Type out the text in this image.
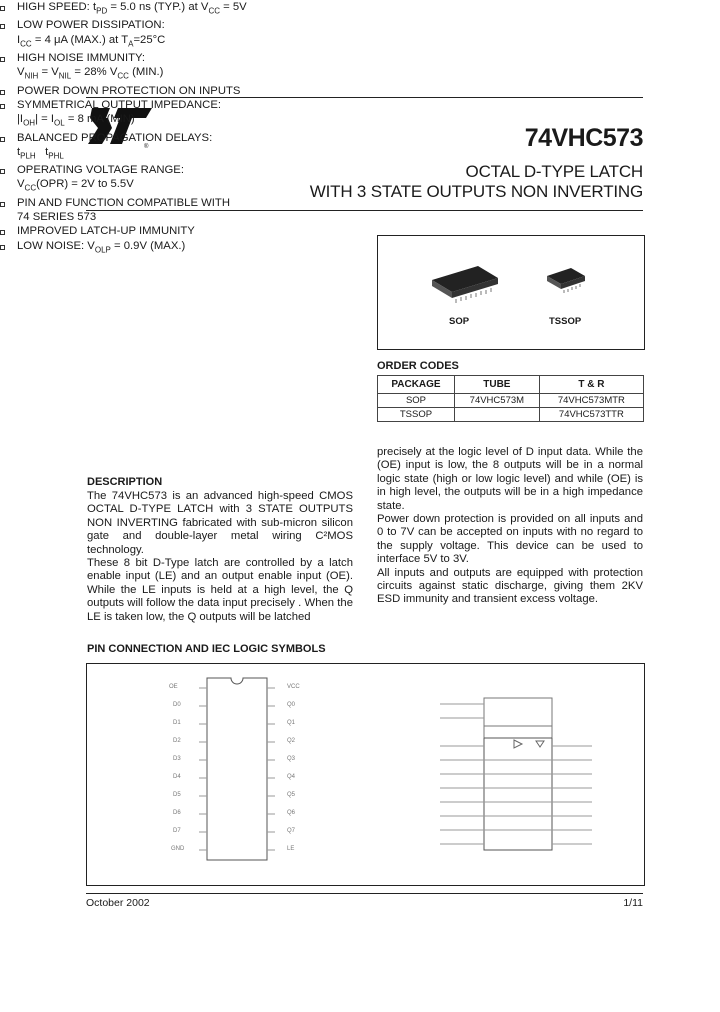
®	74VHC573
OCTAL D-TYPE LATCH
WITH 3 STATE OUTPUTS NON INVERTING
HIGH SPEED: $t_{PD} = 5.0$ ns (TYP.) at $V_{CC} = 5V$
LOW POWER DISSIPATION:
$I_{CC} = 4$ μA (MAX.) at $T_A=25^\circ C$
HIGH NOISE IMMUNITY:
$V_{NIH} = V_{NIL} = 28\%$ $V_{CC}$ (MIN.)
POWER DOWN PROTECTION ON INPUTS
SYMMETRICAL OUTPUT IMPEDANCE:
$|I_{OH}| = I_{OL} = 8$ mA (MIN)
BALANCED PROPAGATION DELAYS:
$t_{PLH}$   $t_{PHL}$
OPERATING VOLTAGE RANGE:
$V_{CC}(OPR) = 2V$ to 5.5V
PIN AND FUNCTION COMPATIBLE WITH
74 SERIES 573
IMPROVED LATCH-UP IMMUNITY
LOW NOISE: $V_{OLP} = 0.9V$ (MAX.)
SOP	TSSOP
ORDER CODES
PACKAGE	TUBE	T & R
SOP	74VHC573M	74VHC573MTR
TSSOP		74VHC573TTR
DESCRIPTION

The 74VHC573 is an advanced high-speed CMOS OCTAL D-TYPE LATCH with 3 STATE OUTPUTS NON INVERTING fabricated with sub-micron silicon gate and double-layer metal wiring C²MOS technology.

These 8 bit D-Type latch are controlled by a latch enable input (LE) and an output enable input (OE). While the LE inputs is held at a high level, the Q outputs will follow the data input precisely . When the LE is taken low, the Q outputs will be latched

precisely at the logic level of D input data. While the (OE) input is low, the 8 outputs will be in a normal logic state (high or low logic level) and while (OE) is in high level, the outputs will be in a high impedance state.

Power down protection is provided on all inputs and 0 to 7V can be accepted on inputs with no regard to the supply voltage. This device can be used to interface 5V to 3V.

All inputs and outputs are equipped with protection circuits against static discharge, giving them 2KV ESD immunity and transient excess voltage.

PIN CONNECTION AND IEC LOGIC SYMBOLS
OE
D0
D1
D2
D3
D4
D5
D6
D7
GND
VCC
Q0
Q1
Q2
Q3
Q4
Q5
Q6
Q7
LE
October 2002	1/11
